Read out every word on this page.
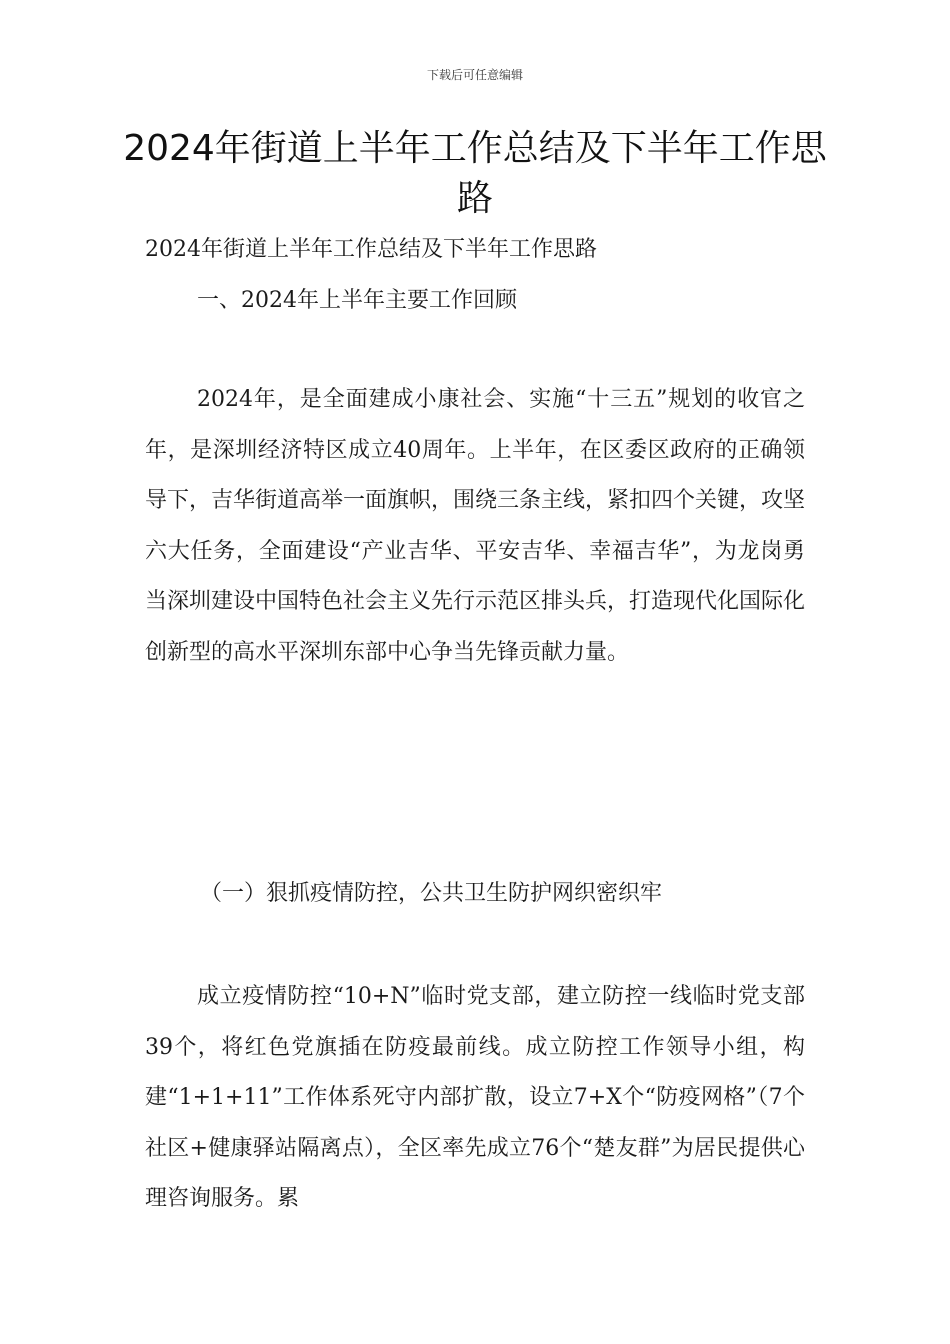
下载后可任意编辑
2024年街道上半年工作总结及下半年工作思路

2024年街道上半年工作总结及下半年工作思路

一、2024年上半年主要工作回顾

2024年，是全面建成小康社会、实施“十三五”规划的收官之年，是深圳经济特区成立40周年。上半年，在区委区政府的正确领导下，吉华街道高举一面旗帜，围绕三条主线，紧扣四个关键，攻坚六大任务，全面建设“产业吉华、平安吉华、幸福吉华”，为龙岗勇当深圳建设中国特色社会主义先行示范区排头兵，打造现代化国际化创新型的高水平深圳东部中心争当先锋贡献力量。

（一）狠抓疫情防控，公共卫生防护网织密织牢

成立疫情防控“10+N”临时党支部，建立防控一线临时党支部39个，将红色党旗插在防疫最前线。成立防控工作领导小组，构建“1+1+11”工作体系死守内部扩散，设立7+X个“防疫网格”（7个社区+健康驿站隔离点），全区率先成立76个“楚友群”为居民提供心理咨询服务。累
